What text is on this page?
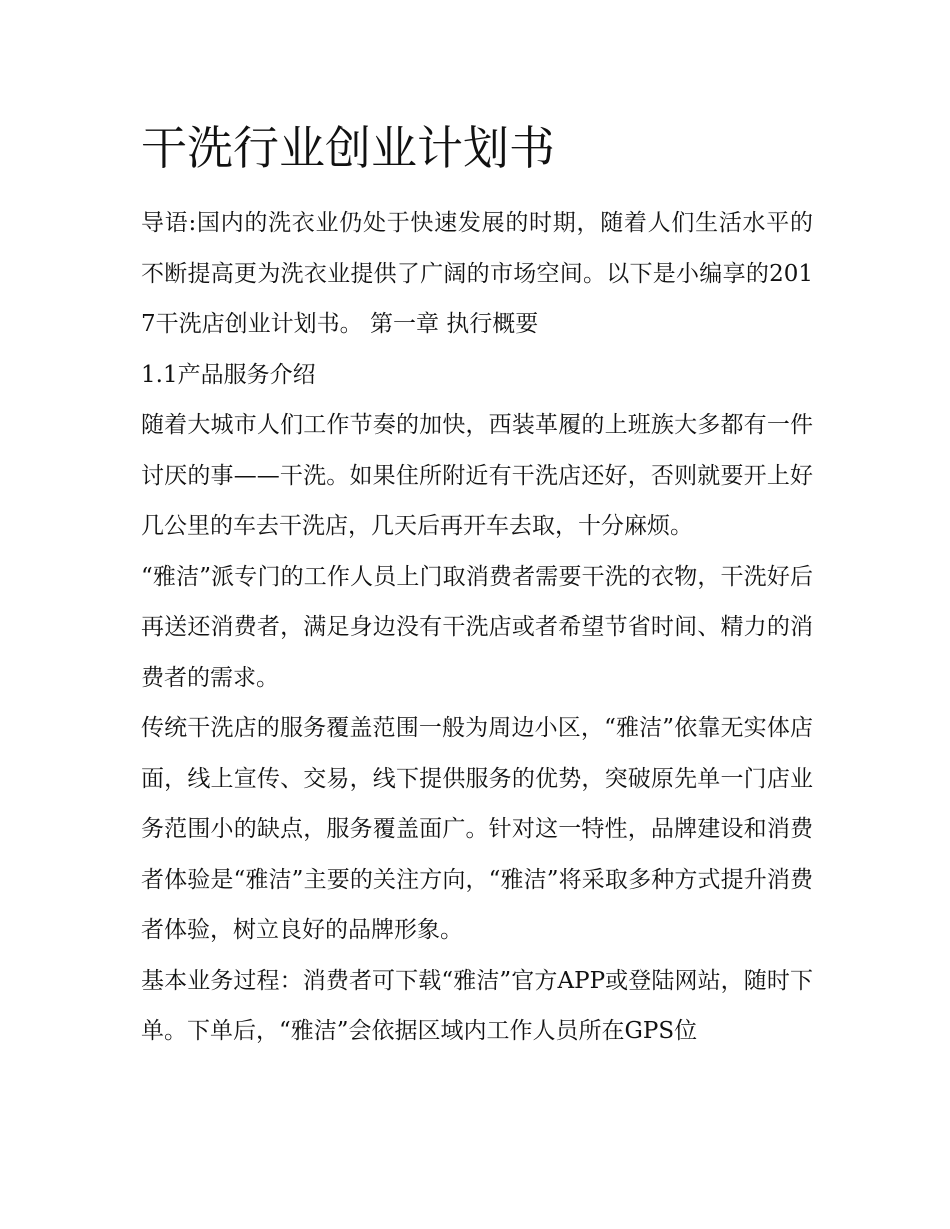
干洗行业创业计划书

导语:国内的洗衣业仍处于快速发展的时期，随着人们生活水平的不断提高更为洗衣业提供了广阔的市场空间。以下是小编享的2017干洗店创业计划书。 第一章 执行概要

1.1产品服务介绍

随着大城市人们工作节奏的加快，西装革履的上班族大多都有一件讨厌的事——干洗。如果住所附近有干洗店还好，否则就要开上好几公里的车去干洗店，几天后再开车去取，十分麻烦。

“雅洁”派专门的工作人员上门取消费者需要干洗的衣物，干洗好后再送还消费者，满足身边没有干洗店或者希望节省时间、精力的消费者的需求。

传统干洗店的服务覆盖范围一般为周边小区，“雅洁”依靠无实体店面，线上宣传、交易，线下提供服务的优势，突破原先单一门店业务范围小的缺点，服务覆盖面广。针对这一特性，品牌建设和消费者体验是“雅洁”主要的关注方向，“雅洁”将采取多种方式提升消费者体验，树立良好的品牌形象。

基本业务过程：消费者可下载“雅洁”官方APP或登陆网站，随时下单。下单后，“雅洁”会依据区域内工作人员所在GPS位
